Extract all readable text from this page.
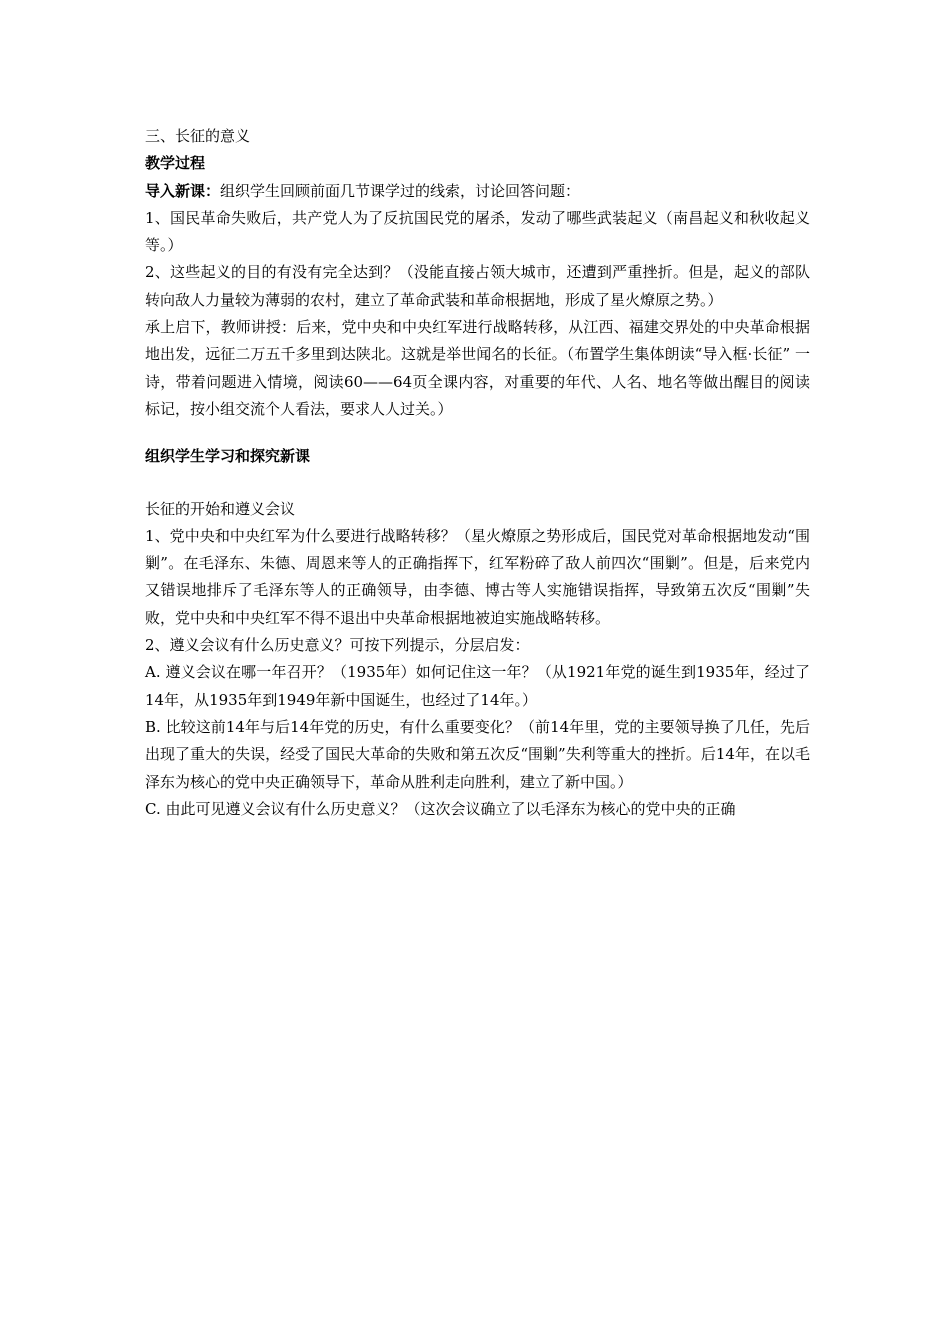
三、长征的意义

教学过程

导入新课：组织学生回顾前面几节课学过的线索，讨论回答问题：

1、国民革命失败后，共产党人为了反抗国民党的屠杀，发动了哪些武装起义（南昌起义和秋收起义等。）

2、这些起义的目的有没有完全达到？（没能直接占领大城市，还遭到严重挫折。但是，起义的部队转向敌人力量较为薄弱的农村，建立了革命武装和革命根据地，形成了星火燎原之势。）

承上启下，教师讲授：后来，党中央和中央红军进行战略转移，从江西、福建交界处的中央革命根据地出发，远征二万五千多里到达陕北。这就是举世闻名的长征。（布置学生集体朗读“导入框·长征” 一诗，带着问题进入情境，阅读60——64页全课内容，对重要的年代、人名、地名等做出醒目的阅读标记，按小组交流个人看法，要求人人过关。）

组织学生学习和探究新课

长征的开始和遵义会议

1、党中央和中央红军为什么要进行战略转移？（星火燎原之势形成后，国民党对革命根据地发动“围剿”。在毛泽东、朱德、周恩来等人的正确指挥下，红军粉碎了敌人前四次“围剿”。但是，后来党内又错误地排斥了毛泽东等人的正确领导，由李德、博古等人实施错误指挥，导致第五次反“围剿”失败，党中央和中央红军不得不退出中央革命根据地被迫实施战略转移。

2、遵义会议有什么历史意义？可按下列提示，分层启发：

A. 遵义会议在哪一年召开？（1935年）如何记住这一年？（从1921年党的诞生到1935年，经过了14年，从1935年到1949年新中国诞生，也经过了14年。）

B. 比较这前14年与后14年党的历史，有什么重要变化？（前14年里，党的主要领导换了几任，先后出现了重大的失误，经受了国民大革命的失败和第五次反“围剿”失利等重大的挫折。后14年，在以毛泽东为核心的党中央正确领导下，革命从胜利走向胜利，建立了新中国。）

C. 由此可见遵义会议有什么历史意义？（这次会议确立了以毛泽东为核心的党中央的正确
